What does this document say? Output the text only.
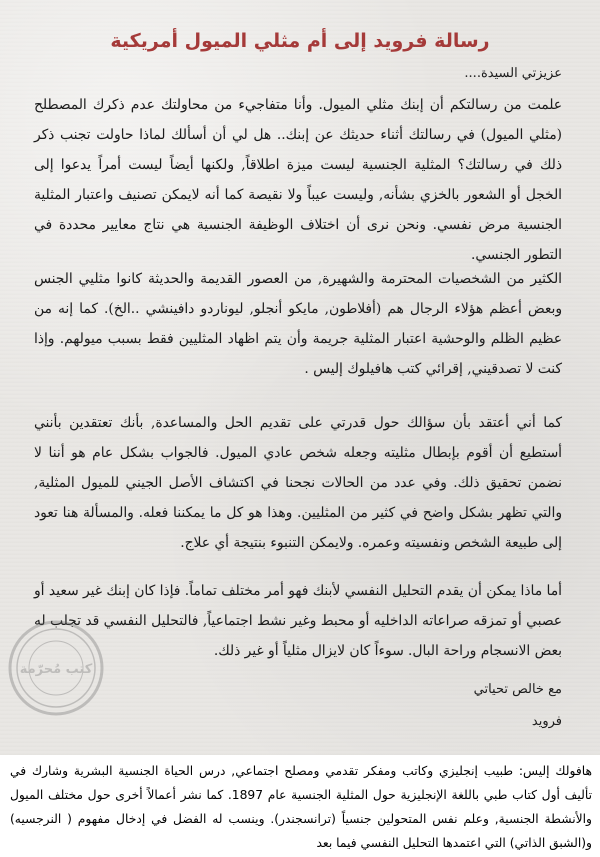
رسالة فرويد إلى أم مثلي الميول أمريكية

عزيزتي السيدة....

علمت من رسالتكم أن إبنك مثلي الميول. وأنا متفاجيء من محاولتك عدم ذكرك المصطلح (مثلي الميول) في رسالتك أثناء حديثك عن إبنك.. هل لي أن أسألك لماذا حاولت تجنب ذكر ذلك في رسالتك؟ المثلية الجنسية ليست ميزة اطلاقاً, ولكنها أيضاً ليست أمراً يدعوا إلى الخجل أو الشعور بالخزي بشأنه, وليست عيباً ولا نقيصة كما أنه لايمكن تصنيف واعتبار المثلية الجنسية مرض نفسي. ونحن نرى أن اختلاف الوظيفة الجنسية هي نتاج معايير محددة في التطور الجنسي.

الكثير من الشخصيات المحترمة والشهيرة, من العصور القديمة والحديثة كانوا مثليي الجنس وبعض أعظم هؤلاء الرجال هم (أفلاطون, مايكو أنجلو, ليوناردو دافينشي ..الخ). كما إنه من عظيم الظلم والوحشية اعتبار المثلية جريمة وأن يتم اظهاد المثليين فقط بسبب ميولهم. وإذا كنت لا تصدقيني, إقرائي كتب هافيلوك إليس .

كما أني أعتقد بأن سؤالك حول قدرتي على تقديم الحل والمساعدة, بأنك تعتقدين بأنني أستطيع أن أقوم بإبطال مثليته وجعله شخص عادي الميول. فالجواب بشكل عام هو أننا لا نضمن تحقيق ذلك. وفي عدد من الحالات نجحنا في اكتشاف الأصل الجيني للميول المثلية, والتي تظهر بشكل واضح في كثير من المثليين. وهذا هو كل ما يمكننا فعله. والمسألة هنا تعود إلى طبيعة الشخص ونفسيته وعمره. ولايمكن التنبوء بنتيجة أي علاج.

أما ماذا يمكن أن يقدم التحليل النفسي لأبنك فهو أمر مختلف تماماً. فإذا كان إبنك غير سعيد أو عصبي أو تمزقه صراعاته الداخليه أو محبط وغير نشط اجتماعياً, فالتحليل النفسي قد تجلب له بعض الانسجام وراحة البال. سوءاً كان لايزال مثلياً أو غير ذلك.

مع خالص تحياتي

فرويد

كتب مُحرّمة

هافولك إليس: طبيب إنجليزي وكاتب ومفكر تقدمي ومصلح اجتماعي, درس الحياة الجنسية البشرية وشارك في تأليف أول كتاب طبي باللغة الإنجليزية حول المثلية الجنسية عام 1897. كما نشر أعمالاً أخرى حول مختلف الميول والأنشطة الجنسية, وعلم نفس المتحولين جنسياً (ترانسجندر). وينسب له الفضل في إدخال مفهوم ( النرجسيه) و(الشبق الذاتي) التي اعتمدها التحليل النفسي فيما بعد
